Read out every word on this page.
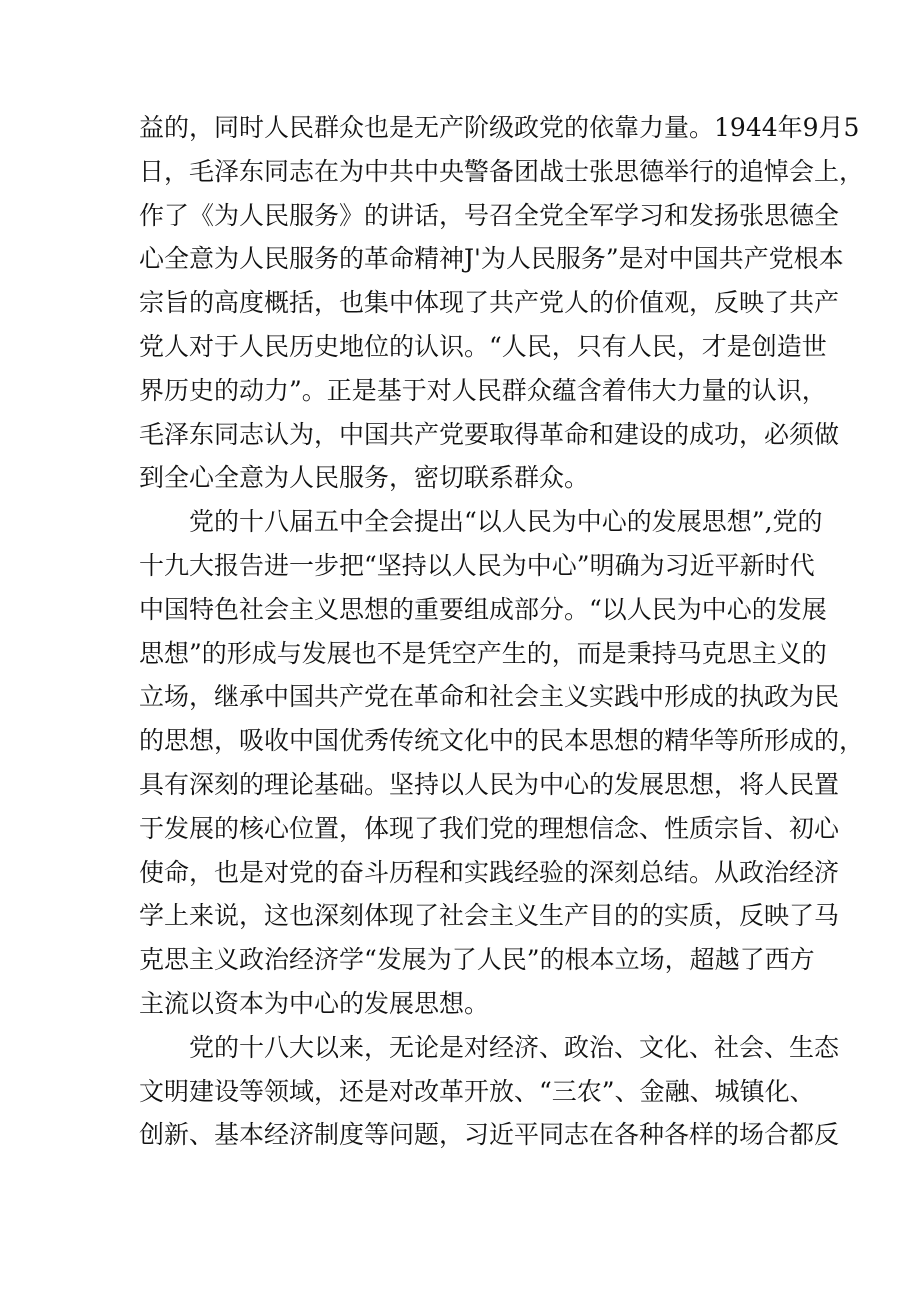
益的，同时人民群众也是无产阶级政党的依靠力量。1944年9月5
日，毛泽东同志在为中共中央警备团战士张思德举行的追悼会上，
作了《为人民服务》的讲话，号召全党全军学习和发扬张思德全
心全意为人民服务的革命精神J'为人民服务”是对中国共产党根本
宗旨的高度概括，也集中体现了共产党人的价值观，反映了共产
党人对于人民历史地位的认识。“人民，只有人民，才是创造世
界历史的动力”。正是基于对人民群众蕴含着伟大力量的认识，
毛泽东同志认为，中国共产党要取得革命和建设的成功，必须做
到全心全意为人民服务，密切联系群众。
党的十八届五中全会提出“以人民为中心的发展思想”,党的
十九大报告进一步把“坚持以人民为中心”明确为习近平新时代
中国特色社会主义思想的重要组成部分。“以人民为中心的发展
思想”的形成与发展也不是凭空产生的，而是秉持马克思主义的
立场，继承中国共产党在革命和社会主义实践中形成的执政为民
的思想，吸收中国优秀传统文化中的民本思想的精华等所形成的，
具有深刻的理论基础。坚持以人民为中心的发展思想，将人民置
于发展的核心位置，体现了我们党的理想信念、性质宗旨、初心
使命，也是对党的奋斗历程和实践经验的深刻总结。从政治经济
学上来说，这也深刻体现了社会主义生产目的的实质，反映了马
克思主义政治经济学“发展为了人民”的根本立场，超越了西方
主流以资本为中心的发展思想。
党的十八大以来，无论是对经济、政治、文化、社会、生态
文明建设等领域，还是对改革开放、“三农”、金融、城镇化、
创新、基本经济制度等问题，习近平同志在各种各样的场合都反
